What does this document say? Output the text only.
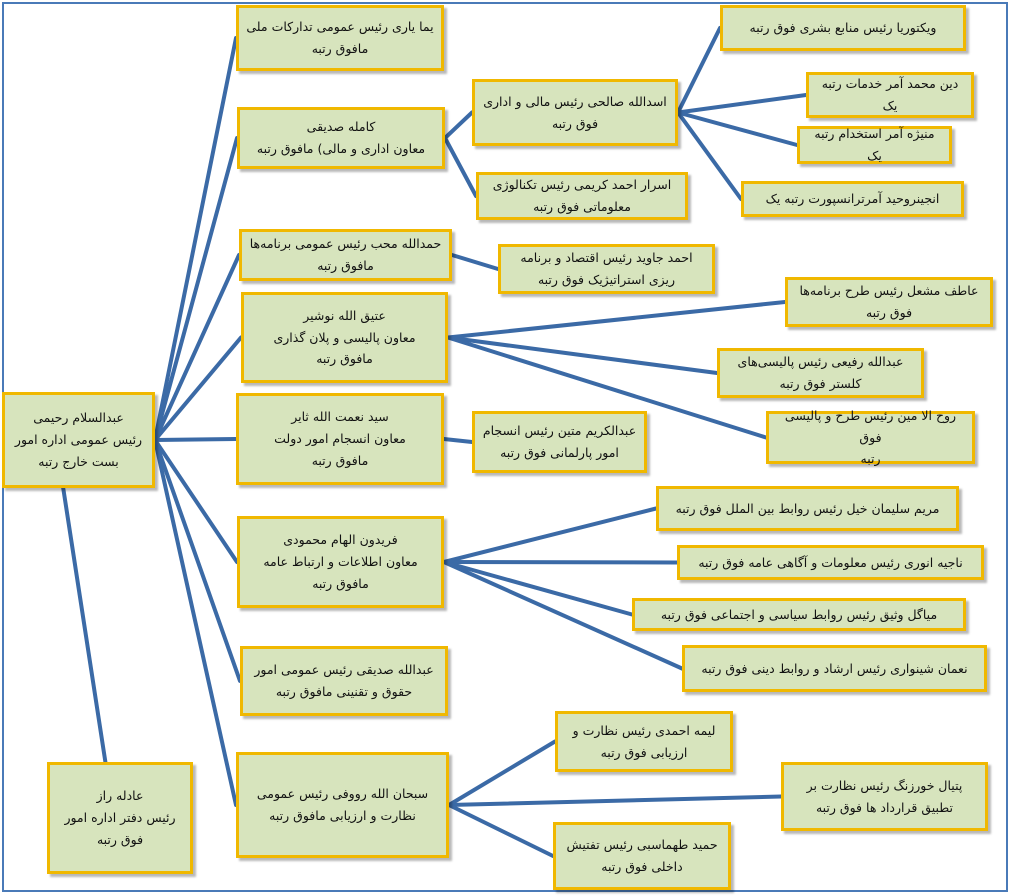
عبدالسلام رحیمی
رئیس عمومی اداره امور
بست خارج رتبه
عادله راز
رئیس دفتر اداره امور
فوق رتبه
یما یاری رئیس عمومی تدارکات ملی
مافوق رتبه
کامله صدیقی
معاون اداری و مالی) مافوق رتبه
اسدالله صالحی رئیس مالی و اداری
فوق رتبه
اسرار احمد کریمی رئیس تکنالوژی
معلوماتی فوق رتبه
ویکتوریا رئیس منابع بشری فوق رتبه
دین محمد آمر خدمات رتبه
یک
منیژه آمر استخدام رتبه یک
انجینروحید آمرترانسپورت رتبه یک
حمدالله محب رئیس عمومی برنامه‌ها
مافوق رتبه
احمد جاوید رئیس اقتصاد و برنامه
ریزی استراتیژیک فوق رتبه
عتیق الله نوشیر
معاون پالیسی و پلان گذاری
مافوق رتبه
عاطف مشعل رئیس طرح برنامه‌ها
فوق رتبه
عبدالله رفیعی رئیس پالیسی‌های
کلستر فوق رتبه
روح الا مین رئیس طرح و پالیسی فوق
رتبه
سید نعمت الله ثایر
معاون انسجام امور دولت
مافوق رتبه
عبدالکریم متین رئیس انسجام
امور پارلمانی فوق رتبه
فریدون الهام محمودی
معاون اطلاعات و ارتباط عامه
مافوق رتبه
مریم سلیمان خیل رئیس روابط بین الملل فوق رتبه
ناجیه انوری رئیس معلومات و آگاهی عامه فوق رتبه
میاگل وثیق رئیس روابط سیاسی و اجتماعی فوق رتبه
نعمان شینواری رئیس ارشاد و روابط دینی فوق رتبه
عبدالله صدیقی رئیس عمومی امور
حقوق و تقنینی مافوق رتبه
سبحان الله رووفی رئیس عمومی
نظارت و ارزیابی مافوق رتبه
لیمه احمدی رئیس نظارت و
ارزیابی فوق رتبه
پتیال خورزنگ رئیس نظارت بر
تطبیق قرارداد ها فوق رتبه
حمید طهماسبی رئیس تفتیش
داخلی فوق رتبه
